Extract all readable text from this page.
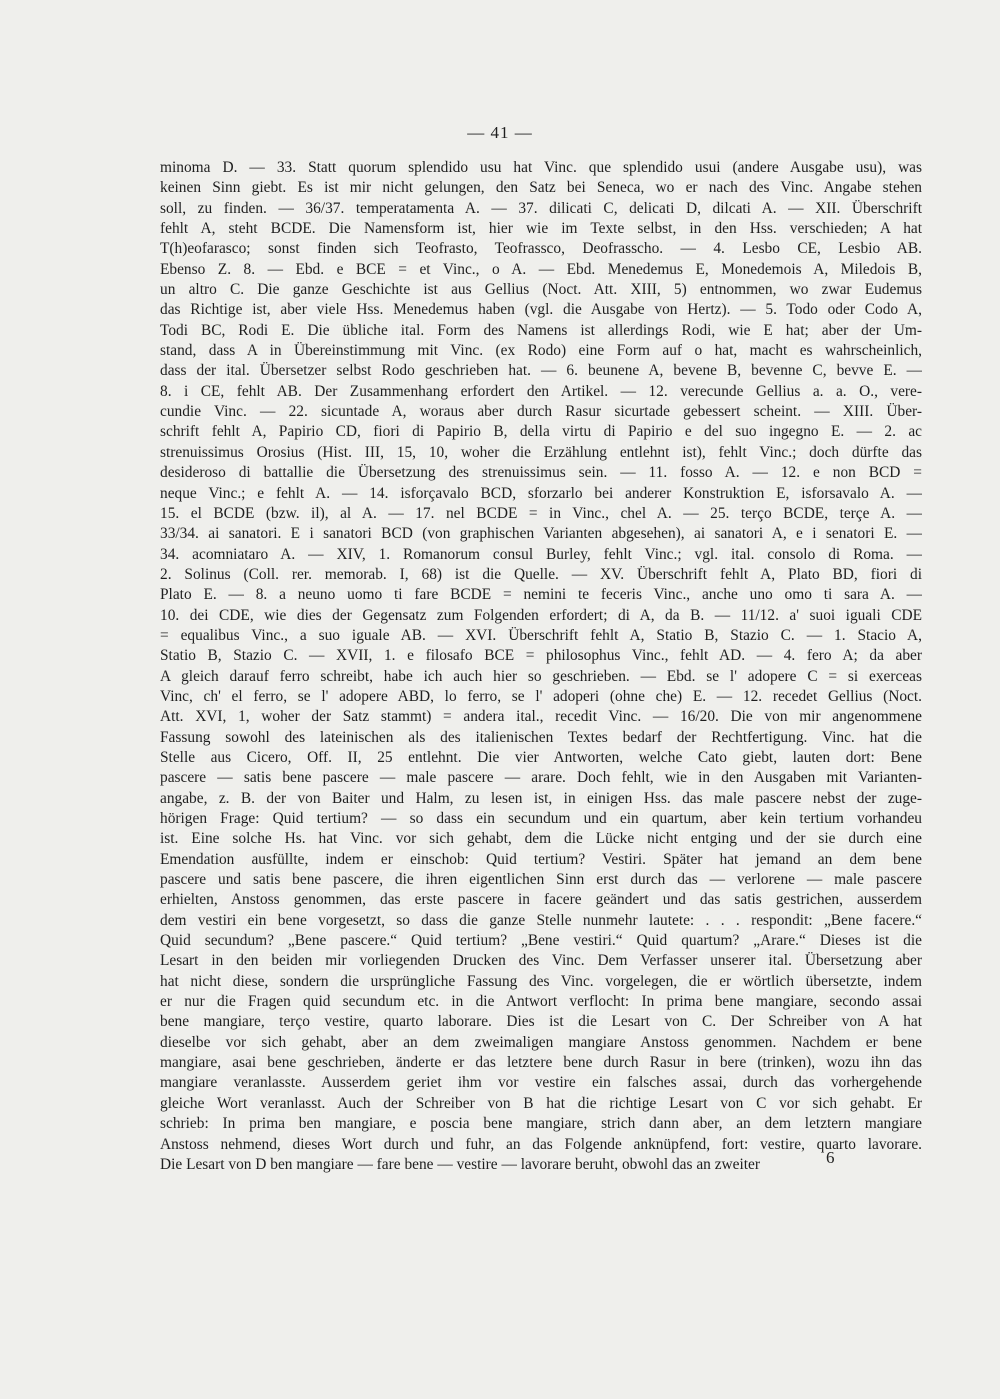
— 41 —

minoma D. — 33. Statt quorum splendido usu hat Vinc. que splendido usui (andere Ausgabe usu), was

keinen Sinn giebt. Es ist mir nicht gelungen, den Satz bei Seneca, wo er nach des Vinc. Angabe stehen

soll, zu finden. — 36/37. temperatamenta A. — 37. dilicati C, delicati D, dilcati A. — XII. Überschrift

fehlt A, steht BCDE. Die Namensform ist, hier wie im Texte selbst, in den Hss. verschieden; A hat

T(h)eofarasco; sonst finden sich Teofrasto, Teofrassco, Deofrasscho. — 4. Lesbo CE, Lesbio AB.

Ebenso Z. 8. — Ebd. e BCE = et Vinc., o A. — Ebd. Menedemus E, Monedemois A, Miledois B,

un altro C. Die ganze Geschichte ist aus Gellius (Noct. Att. XIII, 5) entnommen, wo zwar Eudemus

das Richtige ist, aber viele Hss. Menedemus haben (vgl. die Ausgabe von Hertz). — 5. Todo oder Codo A,

Todi BC, Rodi E. Die übliche ital. Form des Namens ist allerdings Rodi, wie E hat; aber der Um-

stand, dass A in Übereinstimmung mit Vinc. (ex Rodo) eine Form auf o hat, macht es wahrscheinlich,

dass der ital. Übersetzer selbst Rodo geschrieben hat. — 6. beunene A, bevene B, bevenne C, bevve E. —

8. i CE, fehlt AB. Der Zusammenhang erfordert den Artikel. — 12. verecunde Gellius a. a. O., vere-

cundie Vinc. — 22. sicuntade A, woraus aber durch Rasur sicurtade gebessert scheint. — XIII. Über-

schrift fehlt A, Papirio CD, fiori di Papirio B, della virtu di Papirio e del suo ingegno E. — 2. ac

strenuissimus Orosius (Hist. III, 15, 10, woher die Erzählung entlehnt ist), fehlt Vinc.; doch dürfte das

desideroso di battallie die Übersetzung des strenuissimus sein. — 11. fosso A. — 12. e non BCD =

neque Vinc.; e fehlt A. — 14. isforçavalo BCD, sforzarlo bei anderer Konstruktion E, isforsavalo A. —

15. el BCDE (bzw. il), al A. — 17. nel BCDE = in Vinc., chel A. — 25. terço BCDE, terçe A. —

33/34. ai sanatori. E i sanatori BCD (von graphischen Varianten abgesehen), ai sanatori A, e i senatori E. —

34. acomniataro A. — XIV, 1. Romanorum consul Burley, fehlt Vinc.; vgl. ital. consolo di Roma. —

2. Solinus (Coll. rer. memorab. I, 68) ist die Quelle. — XV. Überschrift fehlt A, Plato BD, fiori di

Plato E. — 8. a neuno uomo ti fare BCDE = nemini te feceris Vinc., anche uno omo ti sara A. —

10. dei CDE, wie dies der Gegensatz zum Folgenden erfordert; di A, da B. — 11/12. a' suoi iguali CDE

= equalibus Vinc., a suo iguale AB. — XVI. Überschrift fehlt A, Statio B, Stazio C. — 1. Stacio A,

Statio B, Stazio C. — XVII, 1. e filosafo BCE = philosophus Vinc., fehlt AD. — 4. fero A; da aber

A gleich darauf ferro schreibt, habe ich auch hier so geschrieben. — Ebd. se l' adopere C = si exerceas

Vinc, ch' el ferro, se l' adopere ABD, lo ferro, se l' adoperi (ohne che) E. — 12. recedet Gellius (Noct.

Att. XVI, 1, woher der Satz stammt) = andera ital., recedit Vinc. — 16/20. Die von mir angenommene

Fassung sowohl des lateinischen als des italienischen Textes bedarf der Rechtfertigung. Vinc. hat die

Stelle aus Cicero, Off. II, 25 entlehnt. Die vier Antworten, welche Cato giebt, lauten dort: Bene

pascere — satis bene pascere — male pascere — arare. Doch fehlt, wie in den Ausgaben mit Varianten-

angabe, z. B. der von Baiter und Halm, zu lesen ist, in einigen Hss. das male pascere nebst der zuge-

hörigen Frage: Quid tertium? — so dass ein secundum und ein quartum, aber kein tertium vorhandeu

ist. Eine solche Hs. hat Vinc. vor sich gehabt, dem die Lücke nicht entging und der sie durch eine

Emendation ausfüllte, indem er einschob: Quid tertium? Vestiri. Später hat jemand an dem bene

pascere und satis bene pascere, die ihren eigentlichen Sinn erst durch das — verlorene — male pascere

erhielten, Anstoss genommen, das erste pascere in facere geändert und das satis gestrichen, ausserdem

dem vestiri ein bene vorgesetzt, so dass die ganze Stelle nunmehr lautete: . . . respondit: „Bene facere.“

Quid secundum? „Bene pascere.“ Quid tertium? „Bene vestiri.“ Quid quartum? „Arare.“ Dieses ist die

Lesart in den beiden mir vorliegenden Drucken des Vinc. Dem Verfasser unserer ital. Übersetzung aber

hat nicht diese, sondern die ursprüngliche Fassung des Vinc. vorgelegen, die er wörtlich übersetzte, indem

er nur die Fragen quid secundum etc. in die Antwort verflocht: In prima bene mangiare, secondo assai

bene mangiare, terço vestire, quarto laborare. Dies ist die Lesart von C. Der Schreiber von A hat

dieselbe vor sich gehabt, aber an dem zweimaligen mangiare Anstoss genommen. Nachdem er bene

mangiare, asai bene geschrieben, änderte er das letztere bene durch Rasur in bere (trinken), wozu ihn das

mangiare veranlasste. Ausserdem geriet ihm vor vestire ein falsches assai, durch das vorhergehende

gleiche Wort veranlasst. Auch der Schreiber von B hat die richtige Lesart von C vor sich gehabt. Er

schrieb: In prima ben mangiare, e poscia bene mangiare, strich dann aber, an dem letztern mangiare

Anstoss nehmend, dieses Wort durch und fuhr, an das Folgende anknüpfend, fort: vestire, quarto lavorare.

Die Lesart von D ben mangiare — fare bene — vestire — lavorare beruht, obwohl das an zweiter	6
